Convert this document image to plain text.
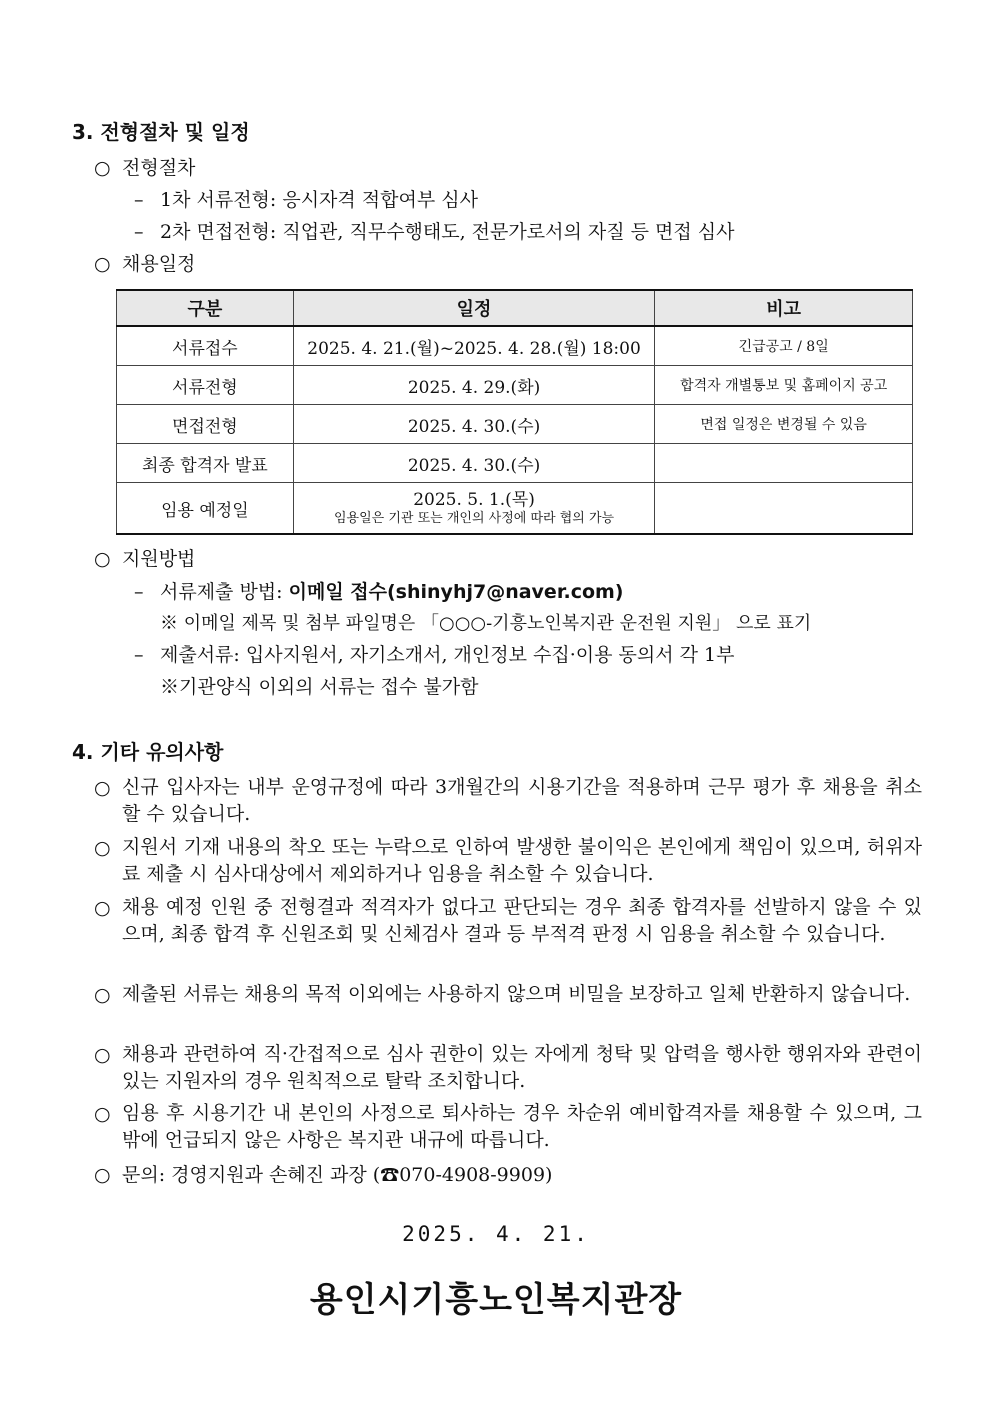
3. 전형절차 및 일정
○ 전형절차
– 1차 서류전형: 응시자격 적합여부 심사
– 2차 면접전형: 직업관, 직무수행태도, 전문가로서의 자질 등 면접 심사
○ 채용일정
구분	일정	비고
서류접수	2025. 4. 21.(월)~2025. 4. 28.(월) 18:00	긴급공고 / 8일
서류전형	2025. 4. 29.(화)	합격자 개별통보 및 홈페이지 공고
면접전형	2025. 4. 30.(수)	면접 일정은 변경될 수 있음
최종 합격자 발표	2025. 4. 30.(수)	
임용 예정일	2025. 5. 1.(목)
임용일은 기관 또는 개인의 사정에 따라 협의 가능	

○ 지원방법
– 서류제출 방법: 이메일 접수(shinyhj7@naver.com)
※ 이메일 제목 및 첨부 파일명은 「○○○-기흥노인복지관 운전원 지원」 으로 표기
– 제출서류: 입사지원서, 자기소개서, 개인정보 수집·이용 동의서 각 1부
※기관양식 이외의 서류는 접수 불가함
4. 기타 유의사항
○ 신규 입사자는 내부 운영규정에 따라 3개월간의 시용기간을 적용하며 근무 평가 후 채용을 취소할 수 있습니다.
○ 지원서 기재 내용의 착오 또는 누락으로 인하여 발생한 불이익은 본인에게 책임이 있으며, 허위자료 제출 시 심사대상에서 제외하거나 임용을 취소할 수 있습니다.
○ 채용 예정 인원 중 전형결과 적격자가 없다고 판단되는 경우 최종 합격자를 선발하지 않을 수 있으며, 최종 합격 후 신원조회 및 신체검사 결과 등 부적격 판정 시 임용을 취소할 수 있습니다.
○ 제출된 서류는 채용의 목적 이외에는 사용하지 않으며 비밀을 보장하고 일체 반환하지 않습니다.
○ 채용과 관련하여 직·간접적으로 심사 권한이 있는 자에게 청탁 및 압력을 행사한 행위자와 관련이 있는 지원자의 경우 원칙적으로 탈락 조치합니다.
○ 임용 후 시용기간 내 본인의 사정으로 퇴사하는 경우 차순위 예비합격자를 채용할 수 있으며, 그 밖에 언급되지 않은 사항은 복지관 내규에 따릅니다.
○ 문의: 경영지원과 손혜진 과장 (☎070-4908-9909)
2025. 4. 21.
용인시기흥노인복지관장
